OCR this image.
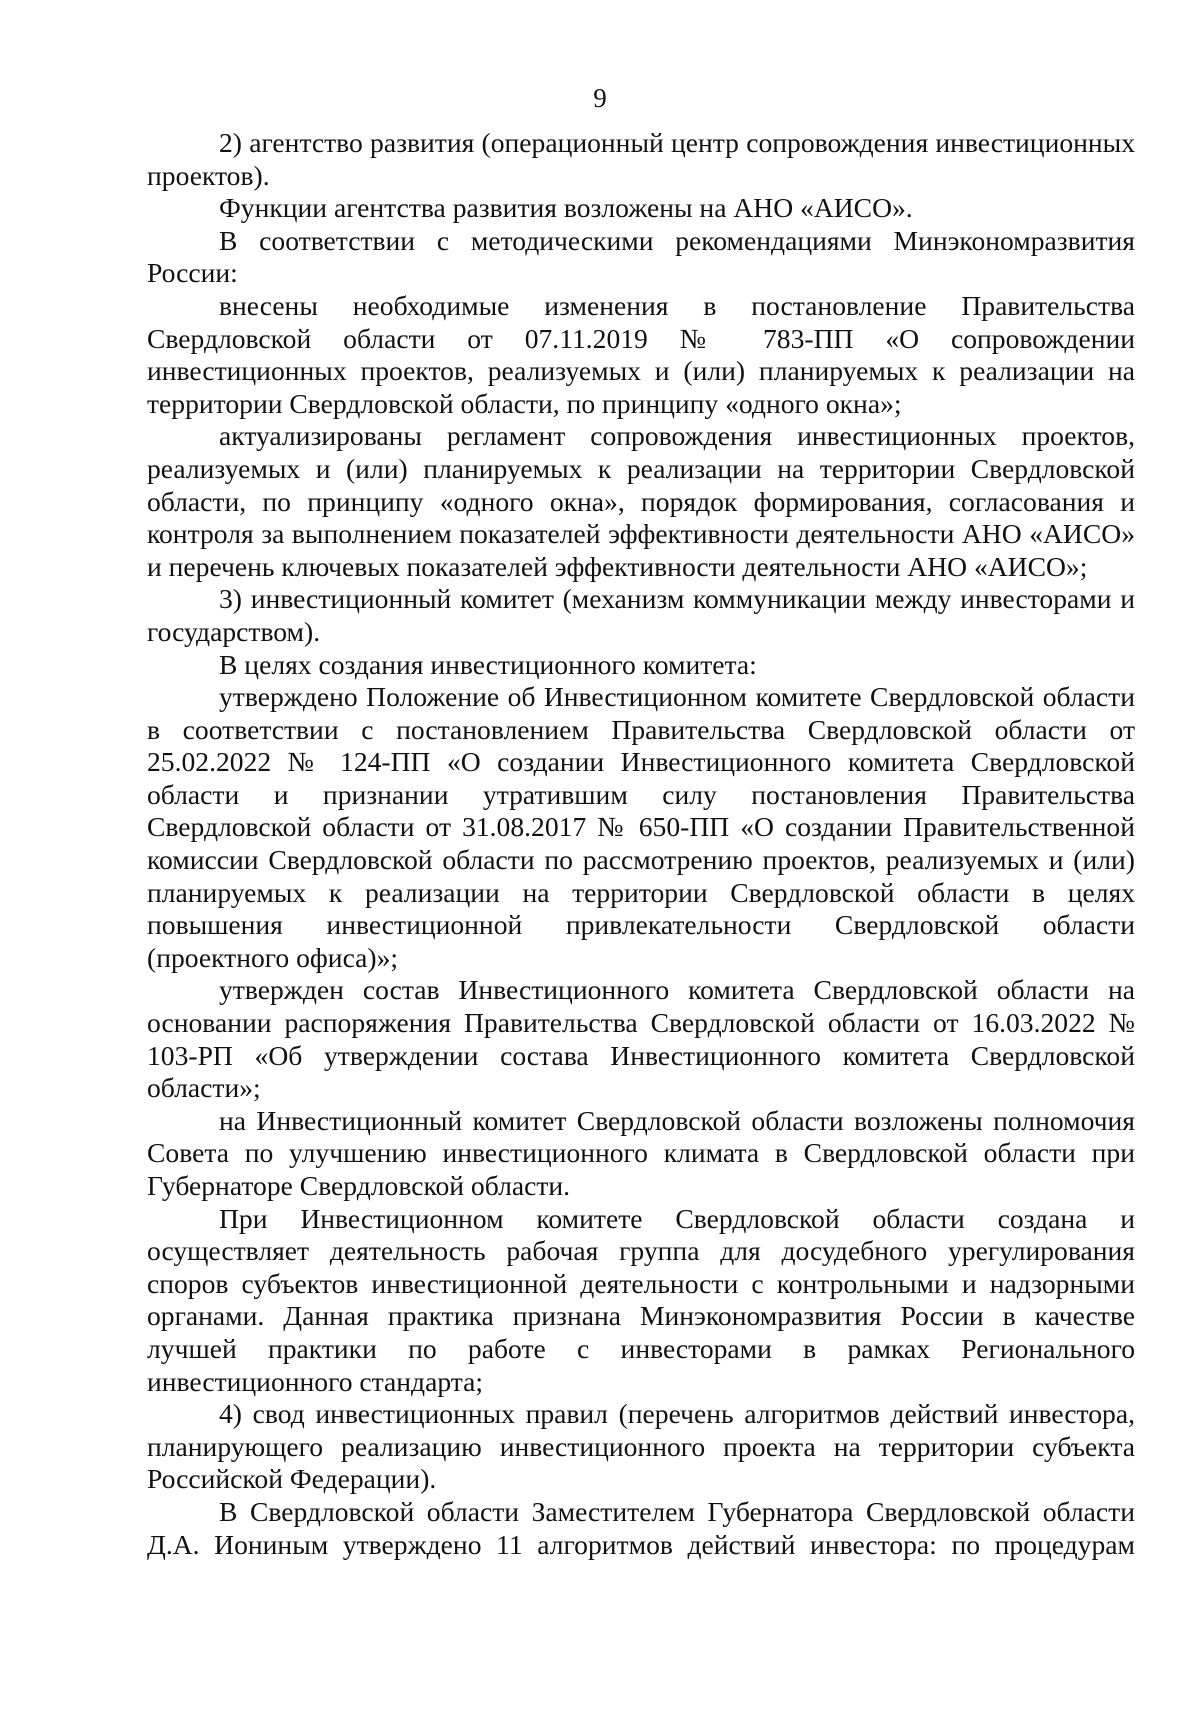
9

2) агентство развития (операционный центр сопровождения инвестиционных проектов).

Функции агентства развития возложены на АНО «АИСО».

В соответствии с методическими рекомендациями Минэкономразвития России:

внесены необходимые изменения в постановление Правительства Свердловской области от 07.11.2019 № 783-ПП «О сопровождении инвестиционных проектов, реализуемых и (или) планируемых к реализации на территории Свердловской области, по принципу «одного окна»;

актуализированы регламент сопровождения инвестиционных проектов, реализуемых и (или) планируемых к реализации на территории Свердловской области, по принципу «одного окна», порядок формирования, согласования и контроля за выполнением показателей эффективности деятельности АНО «АИСО» и перечень ключевых показателей эффективности деятельности АНО «АИСО»;

3) инвестиционный комитет (механизм коммуникации между инвесторами и государством).

В целях создания инвестиционного комитета:

утверждено Положение об Инвестиционном комитете Свердловской области в соответствии с постановлением Правительства Свердловской области от 25.02.2022 № 124-ПП «О создании Инвестиционного комитета Свердловской области и признании утратившим силу постановления Правительства Свердловской области от 31.08.2017 № 650-ПП «О создании Правительственной комиссии Свердловской области по рассмотрению проектов, реализуемых и (или) планируемых к реализации на территории Свердловской области в целях повышения инвестиционной привлекательности Свердловской области (проектного офиса)»;

утвержден состав Инвестиционного комитета Свердловской области на основании распоряжения Правительства Свердловской области от 16.03.2022 № 103-РП «Об утверждении состава Инвестиционного комитета Свердловской области»;

на Инвестиционный комитет Свердловской области возложены полномочия Совета по улучшению инвестиционного климата в Свердловской области при Губернаторе Свердловской области.

При Инвестиционном комитете Свердловской области создана и осуществляет деятельность рабочая группа для досудебного урегулирования споров субъектов инвестиционной деятельности с контрольными и надзорными органами. Данная практика признана Минэкономразвития России в качестве лучшей практики по работе с инвесторами в рамках Регионального инвестиционного стандарта;

4) свод инвестиционных правил (перечень алгоритмов действий инвестора, планирующего реализацию инвестиционного проекта на территории субъекта Российской Федерации).

В Свердловской области Заместителем Губернатора Свердловской области Д.А. Иониным утверждено 11 алгоритмов действий инвестора: по процедурам
